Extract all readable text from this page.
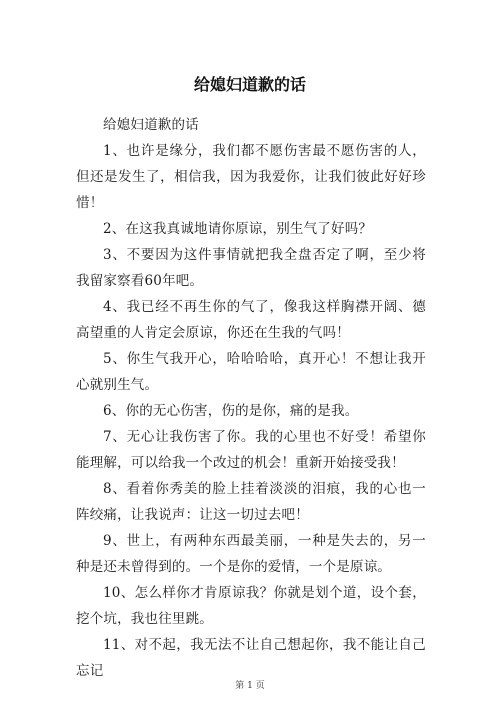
给媳妇道歉的话

给媳妇道歉的话

1、也许是缘分，我们都不愿伤害最不愿伤害的人，但还是发生了，相信我，因为我爱你，让我们彼此好好珍惜！

2、在这我真诚地请你原谅，别生气了好吗？

3、不要因为这件事情就把我全盘否定了啊，至少将我留家察看60年吧。

4、我已经不再生你的气了，像我这样胸襟开阔、德高望重的人肯定会原谅，你还在生我的气吗！

5、你生气我开心，哈哈哈哈，真开心！不想让我开心就别生气。

6、你的无心伤害，伤的是你，痛的是我。

7、无心让我伤害了你。我的心里也不好受！希望你能理解，可以给我一个改过的机会！重新开始接受我！

8、看着你秀美的脸上挂着淡淡的泪痕，我的心也一阵绞痛，让我说声：让这一切过去吧！

9、世上，有两种东西最美丽，一种是失去的，另一种是还未曾得到的。一个是你的爱情，一个是原谅。

10、怎么样你才肯原谅我？你就是划个道，设个套，挖个坑，我也往里跳。

11、对不起，我无法不让自己想起你，我不能让自己忘记

第 1 页
